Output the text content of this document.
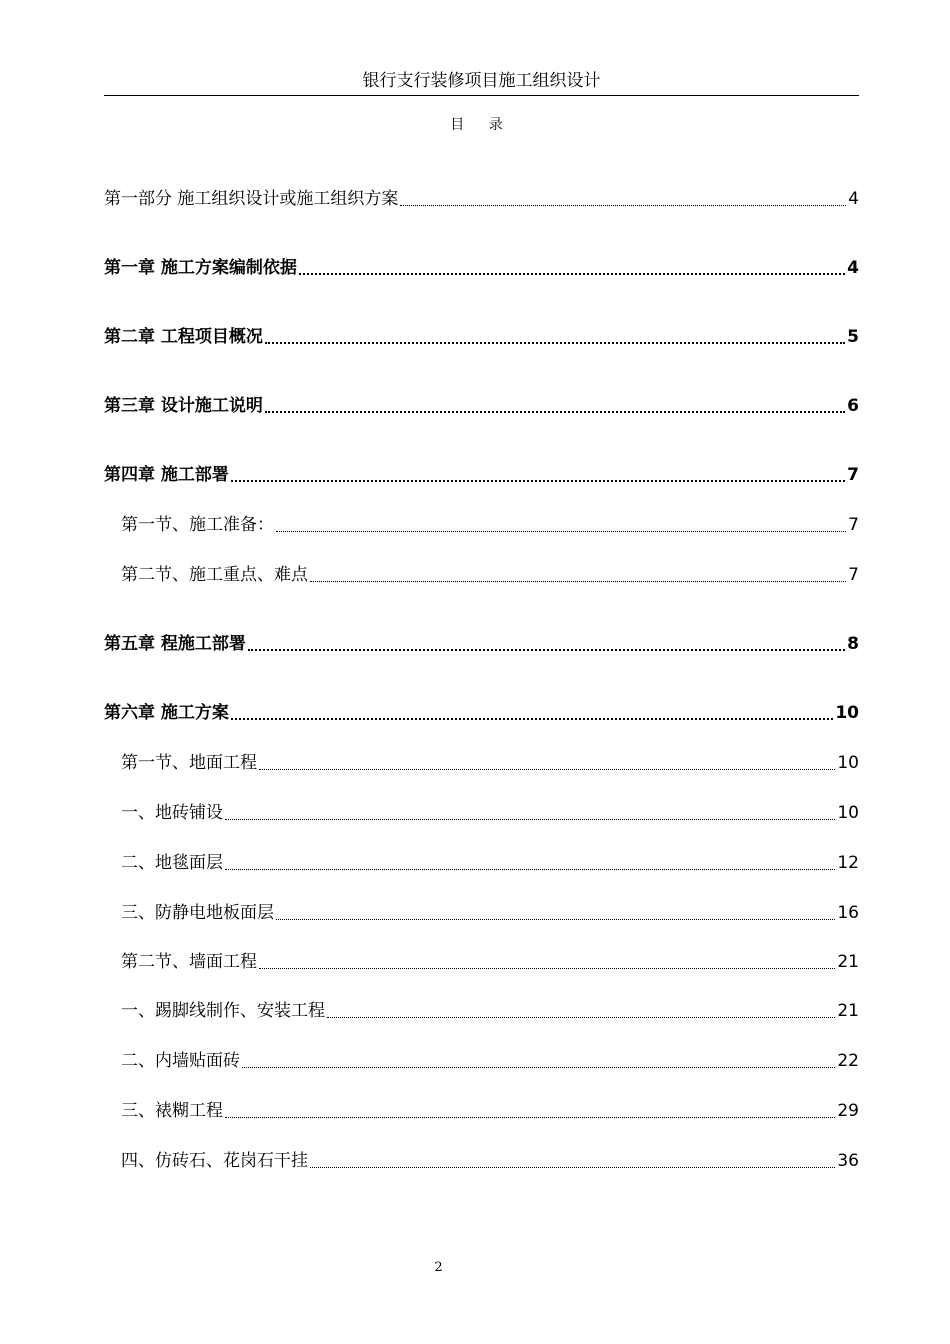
银行支行装修项目施工组织设计
目 录
第一部分 施工组织设计或施工组织方案	4
第一章 施工方案编制依据	4
第二章 工程项目概况	5
第三章 设计施工说明	6
第四章 施工部署	7
第一节、施工准备：	7
第二节、施工重点、难点	7
第五章 程施工部署	8
第六章 施工方案	10
第一节、地面工程	10
一、地砖铺设	10
二、地毯面层	12
三、防静电地板面层	16
第二节、墙面工程	21
一、踢脚线制作、安装工程	21
二、内墙贴面砖	22
三、裱糊工程	29
四、仿砖石、花岗石干挂	36
2
